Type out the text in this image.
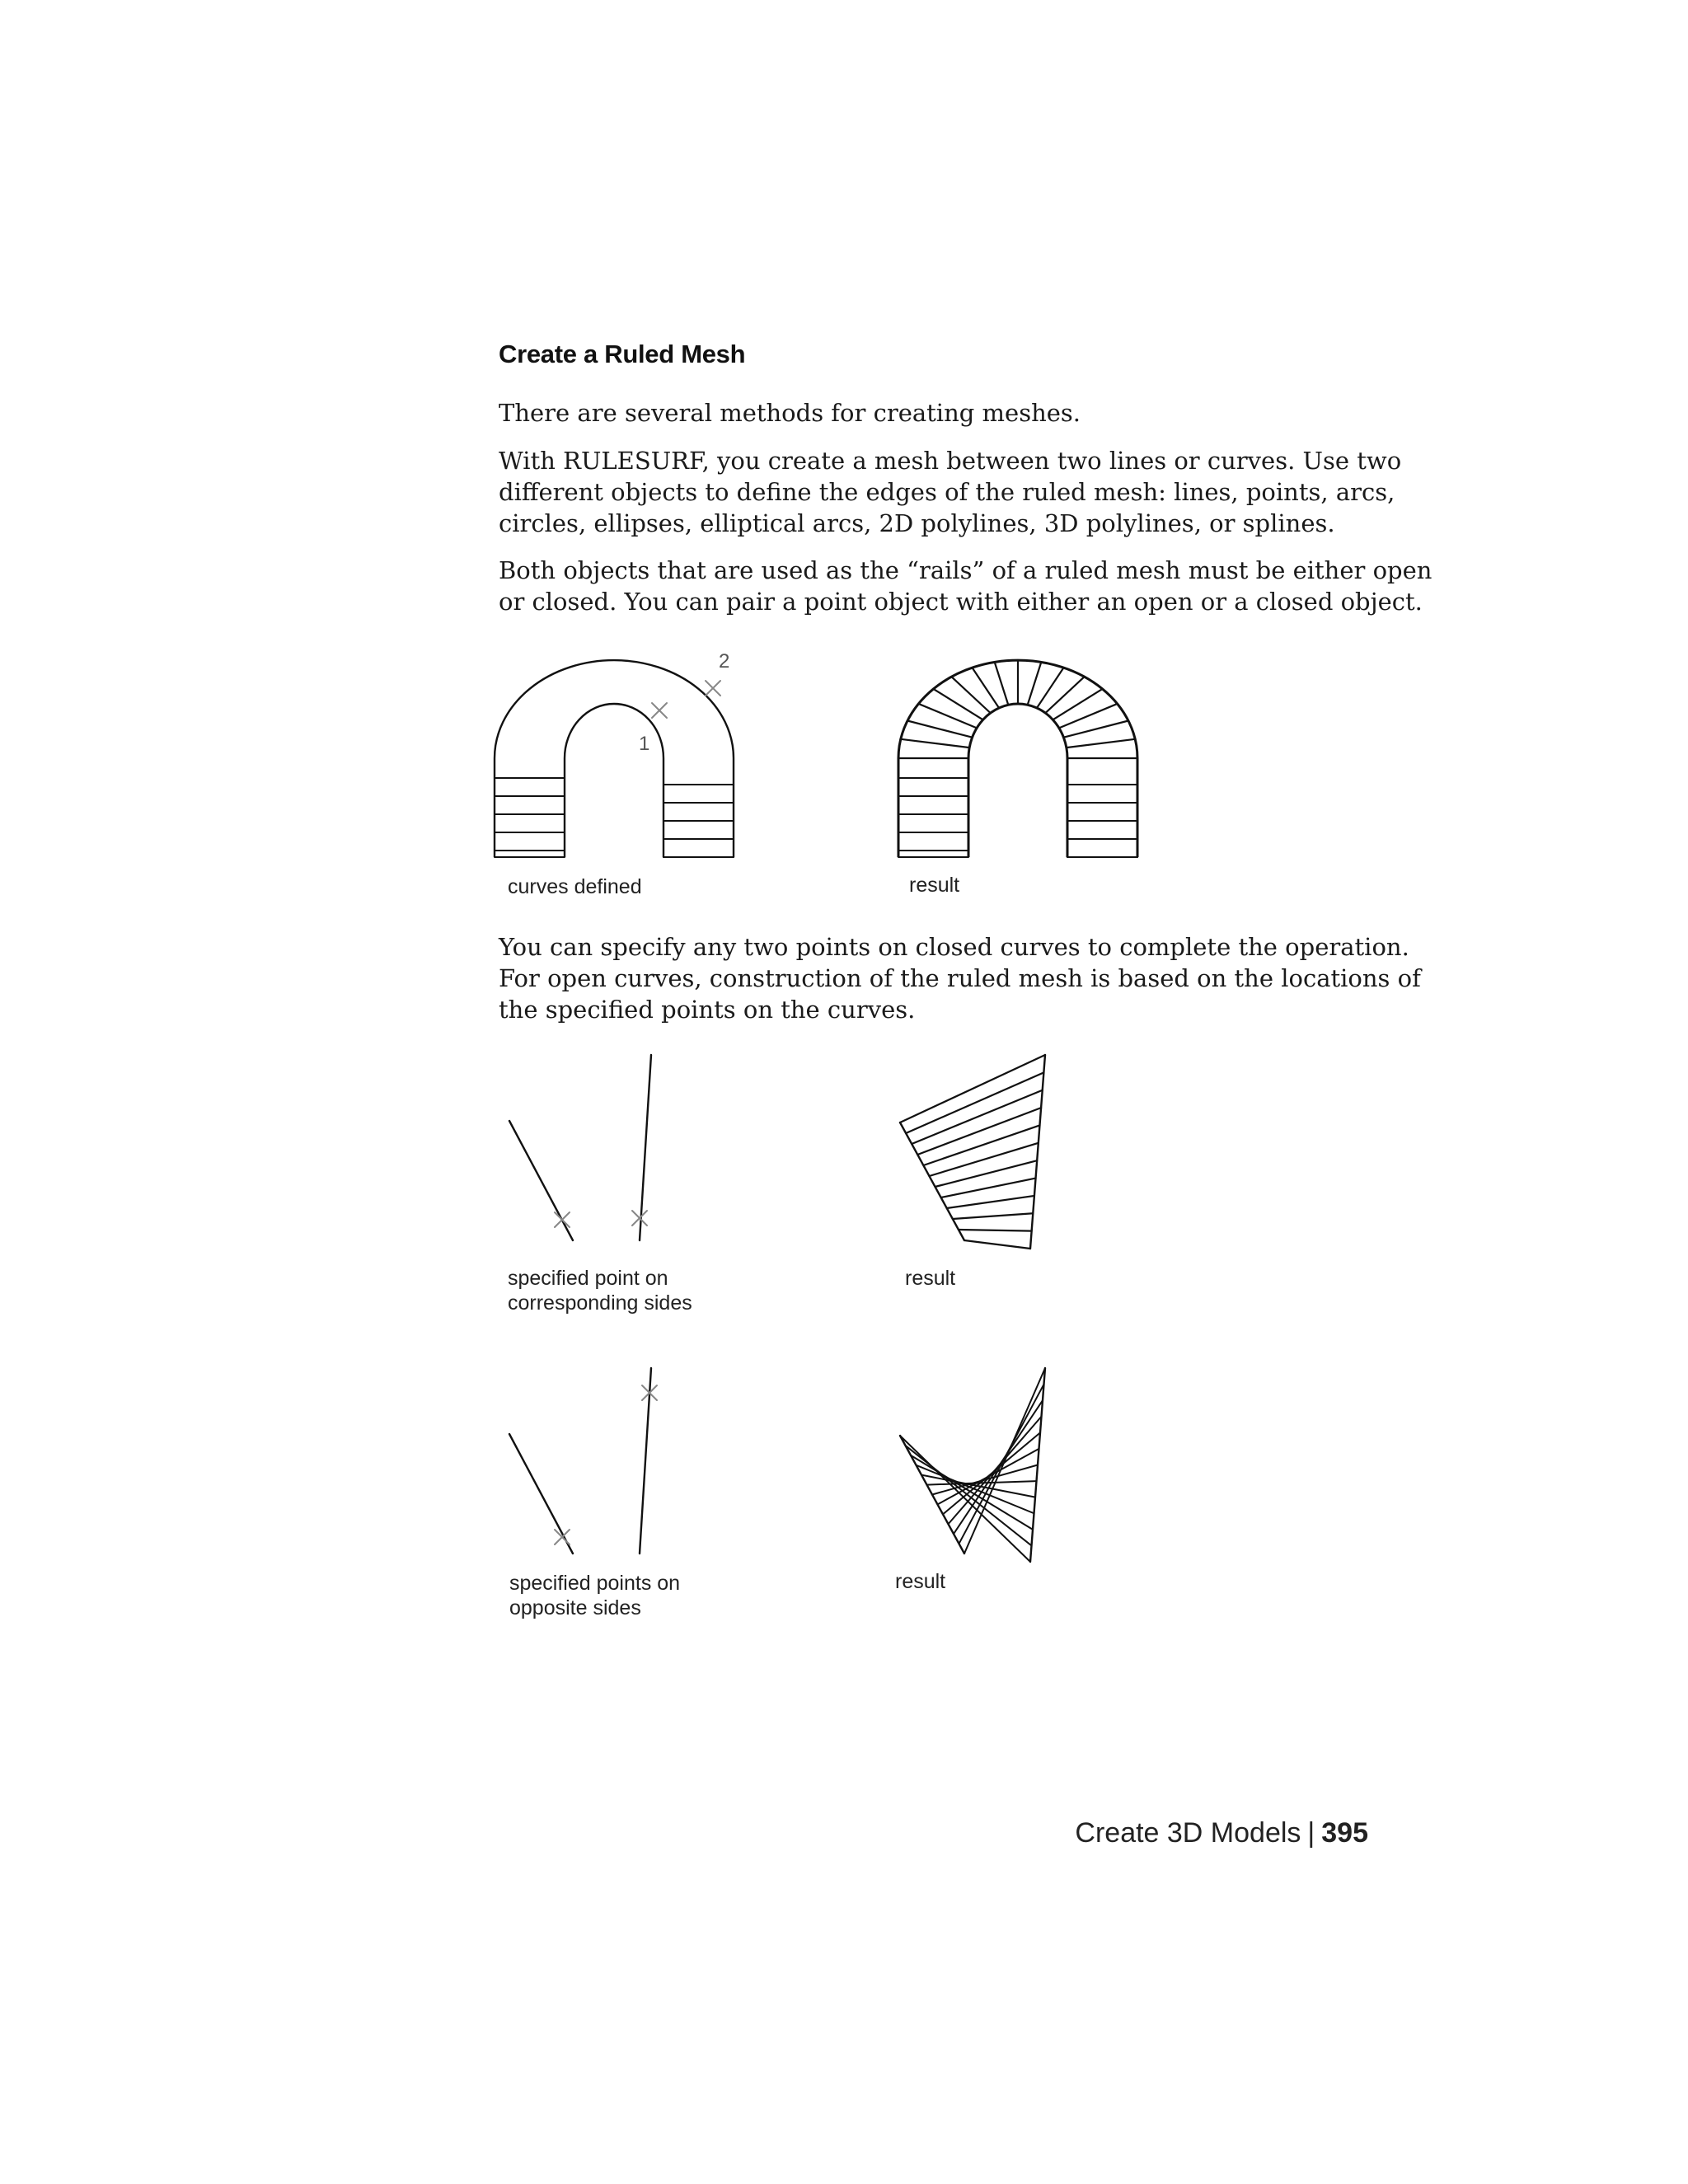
Create a Ruled Mesh

There are several methods for creating meshes.

With RULESURF, you create a mesh between two lines or curves. Use two
different objects to define the edges of the ruled mesh: lines, points, arcs,
circles, ellipses, elliptical arcs, 2D polylines, 3D polylines, or splines.

Both objects that are used as the “rails” of a ruled mesh must be either open
or closed. You can pair a point object with either an open or a closed object.

1
2
curves defined	result

You can specify any two points on closed curves to complete the operation.
For open curves, construction of the ruled mesh is based on the locations of
the specified points on the curves.

specified point on
corresponding sides
result
specified points on
opposite sides
result
Create 3D Models | 395
